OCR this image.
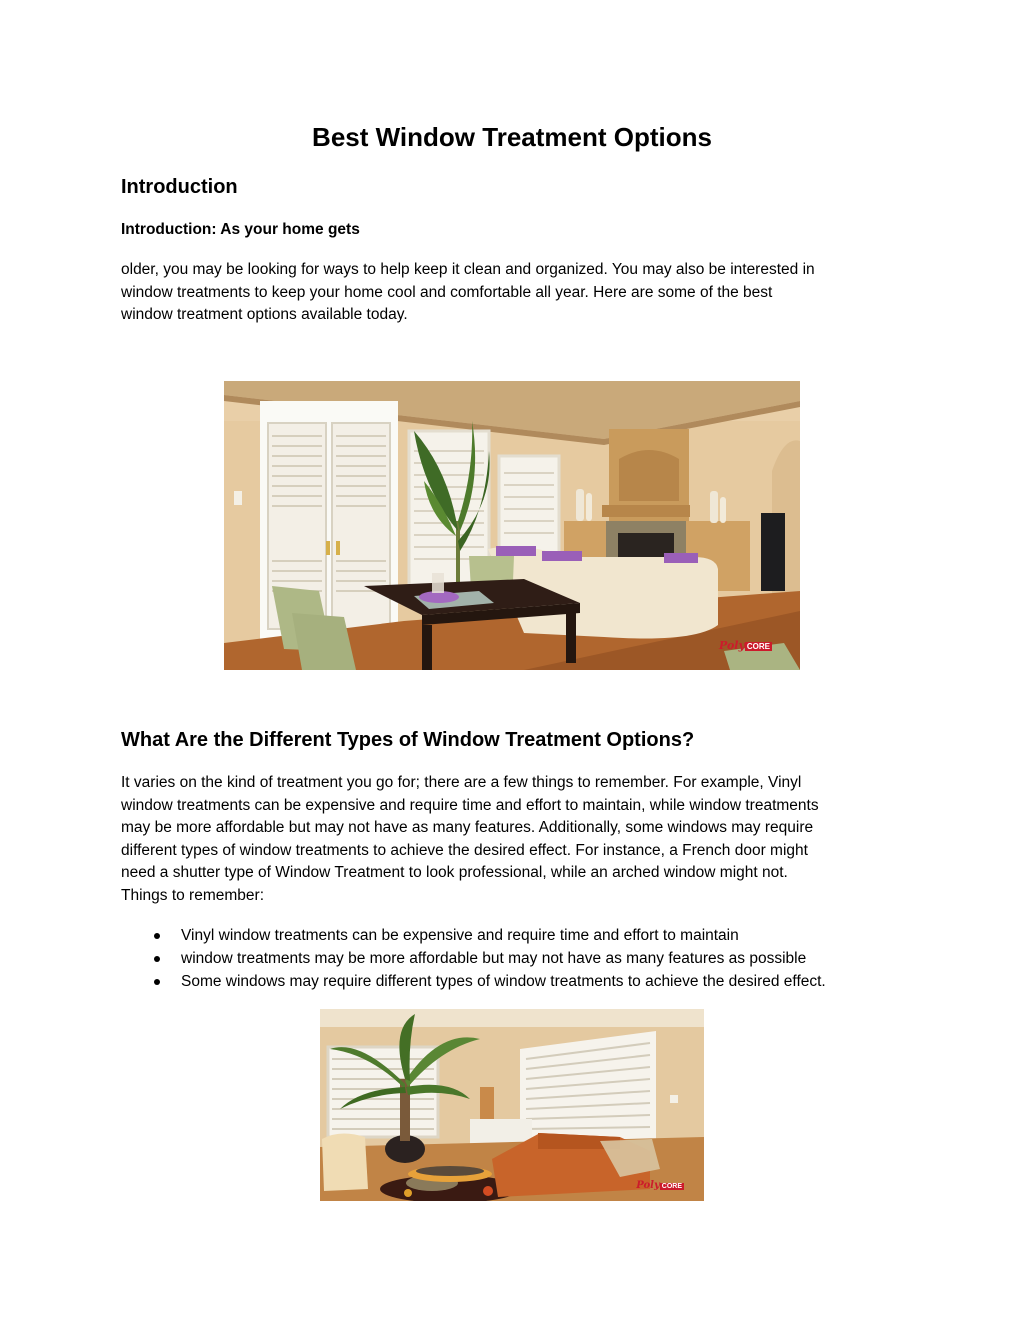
Best Window Treatment Options
Introduction

Introduction: As your home gets

older, you may be looking for ways to help keep it clean and organized. You may also be interested in
window treatments to keep your home cool and comfortable all year. Here are some of the best
window treatment options available today.

Poly CORE
What Are the Different Types of Window Treatment Options?

It varies on the kind of treatment you go for; there are a few things to remember. For example, Vinyl
window treatments can be expensive and require time and effort to maintain, while window treatments
may be more affordable but may not have as many features. Additionally, some windows may require
different types of window treatments to achieve the desired effect. For instance, a French door might
need a shutter type of Window Treatment to look professional, while an arched window might not.
Things to remember:

Vinyl window treatments can be expensive and require time and effort to maintain
window treatments may be more affordable but may not have as many features as possible
Some windows may require different types of window treatments to achieve the desired effect.
Poly CORE
